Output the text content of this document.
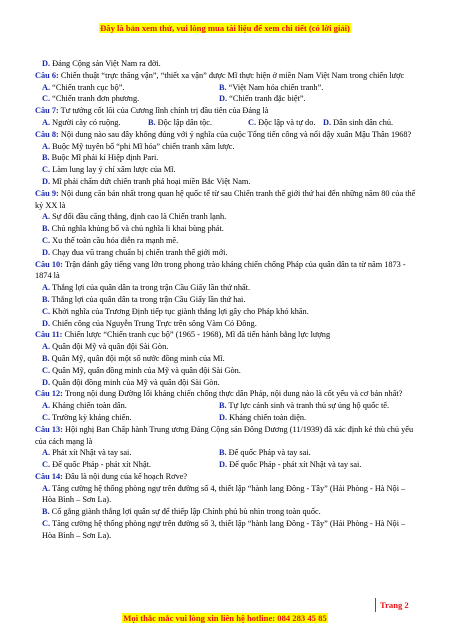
Đây là bản xem thử, vui lòng mua tài liệu để xem chi tiết (có lời giải)
D. Đảng Cộng sản Việt Nam ra đời.
Câu 6: Chiến thuật “trực thăng vận”, “thiết xa vận” được Mĩ thực hiện ở miền Nam Việt Nam trong chiến lược
A. “Chiến tranh cục bộ”.	B. “Việt Nam hóa chiến tranh”.
C. “Chiến tranh đơn phương.	D. “Chiến tranh đặc biệt”.
Câu 7: Tư tưởng cốt lõi của Cương lĩnh chính trị đầu tiên của Đảng là
A. Người cày có ruộng.	B. Độc lập dân tộc.	C. Độc lập và tự do. D. Dân sinh dân chủ.
Câu 8: Nội dung nào sau đây không đúng với ý nghĩa của cuộc Tổng tiến công và nổi dậy xuân Mậu Thân 1968?
A. Buộc Mỹ tuyên bố “phi Mĩ hóa” chiến tranh xâm lược.
B. Buộc Mĩ phải kí Hiệp định Pari.
C. Làm lung lay ý chí xâm lược của Mĩ.
D. Mĩ phải chấm dứt chiến tranh phá hoại miền Bắc Việt Nam.
Câu 9: Nội dung căn bản nhất trong quan hệ quốc tế từ sau Chiến tranh thế giới thứ hai đến những năm 80 của thế kỷ XX là
A. Sự đối đầu căng thẳng, định cao là Chiến tranh lạnh.
B. Chủ nghĩa khủng bố và chủ nghĩa li khai bùng phát.
C. Xu thế toàn cầu hóa diễn ra mạnh mẽ.
D. Chạy đua vũ trang chuẩn bị chiến tranh thế giới mới.
Câu 10: Trận đánh gây tiếng vang lớn trong phong trào kháng chiến chống Pháp của quân dân ta từ năm 1873 - 1874 là
A. Thắng lợi của quân dân ta trong trận Cầu Giấy lần thứ nhất.
B. Thắng lợi của quân dân ta trong trận Cầu Giấy lần thứ hai.
C. Khởi nghĩa của Trương Định tiếp tục giành thắng lợi gây cho Pháp khó khăn.
D. Chiến công của Nguyễn Trung Trực trên sông Vàm Cỏ Đông.
Câu 11: Chiến lược “Chiến tranh cục bộ” (1965 - 1968), Mĩ đã tiến hành bằng lực lượng
A. Quân đội Mỹ và quân đội Sài Gòn.
B. Quân Mỹ, quân đội một số nước đồng minh của Mĩ.
C. Quân Mỹ, quân đồng minh của Mỹ và quân đội Sài Gòn.
D. Quân đội đồng minh của Mỹ và quân đội Sài Gòn.
Câu 12: Trong nội dung Đường lối kháng chiến chống thực dân Pháp, nội dung nào là cốt yếu và cơ bản nhất?
A. Kháng chiến toàn dân.	B. Tự lực cánh sinh và tranh thủ sự ủng hộ quốc tế.
C. Trường kỳ kháng chiến.	D. Kháng chiến toàn diện.
Câu 13: Hội nghị Ban Chấp hành Trung ương Đảng Cộng sản Đông Dương (11/1939) đã xác định kẻ thù chủ yếu của cách mạng là
A. Phát xít Nhật và tay sai.	B. Đế quốc Pháp và tay sai.
C. Đế quốc Pháp - phát xít Nhật.	D. Đế quốc Pháp - phát xít Nhật và tay sai.
Câu 14: Đâu là nội dung của kế hoạch Rơve?
A. Tăng cường hệ thống phòng ngự trên đường số 4, thiết lập “hành lang Đông - Tây” (Hải Phòng - Hà Nội – Hòa Bình – Sơn La).
B. Cố gắng giành thắng lợi quân sự để thiếp lập Chính phủ bù nhìn trong toàn quốc.
C. Tăng cường hệ thống phòng ngự trên đường số 3, thiết lập “hành lang Đông - Tây” (Hải Phòng - Hà Nội – Hòa Bình – Sơn La).
Trang 2
Mọi thắc mắc vui lòng xin liên hệ hotline: 084 283 45 85
